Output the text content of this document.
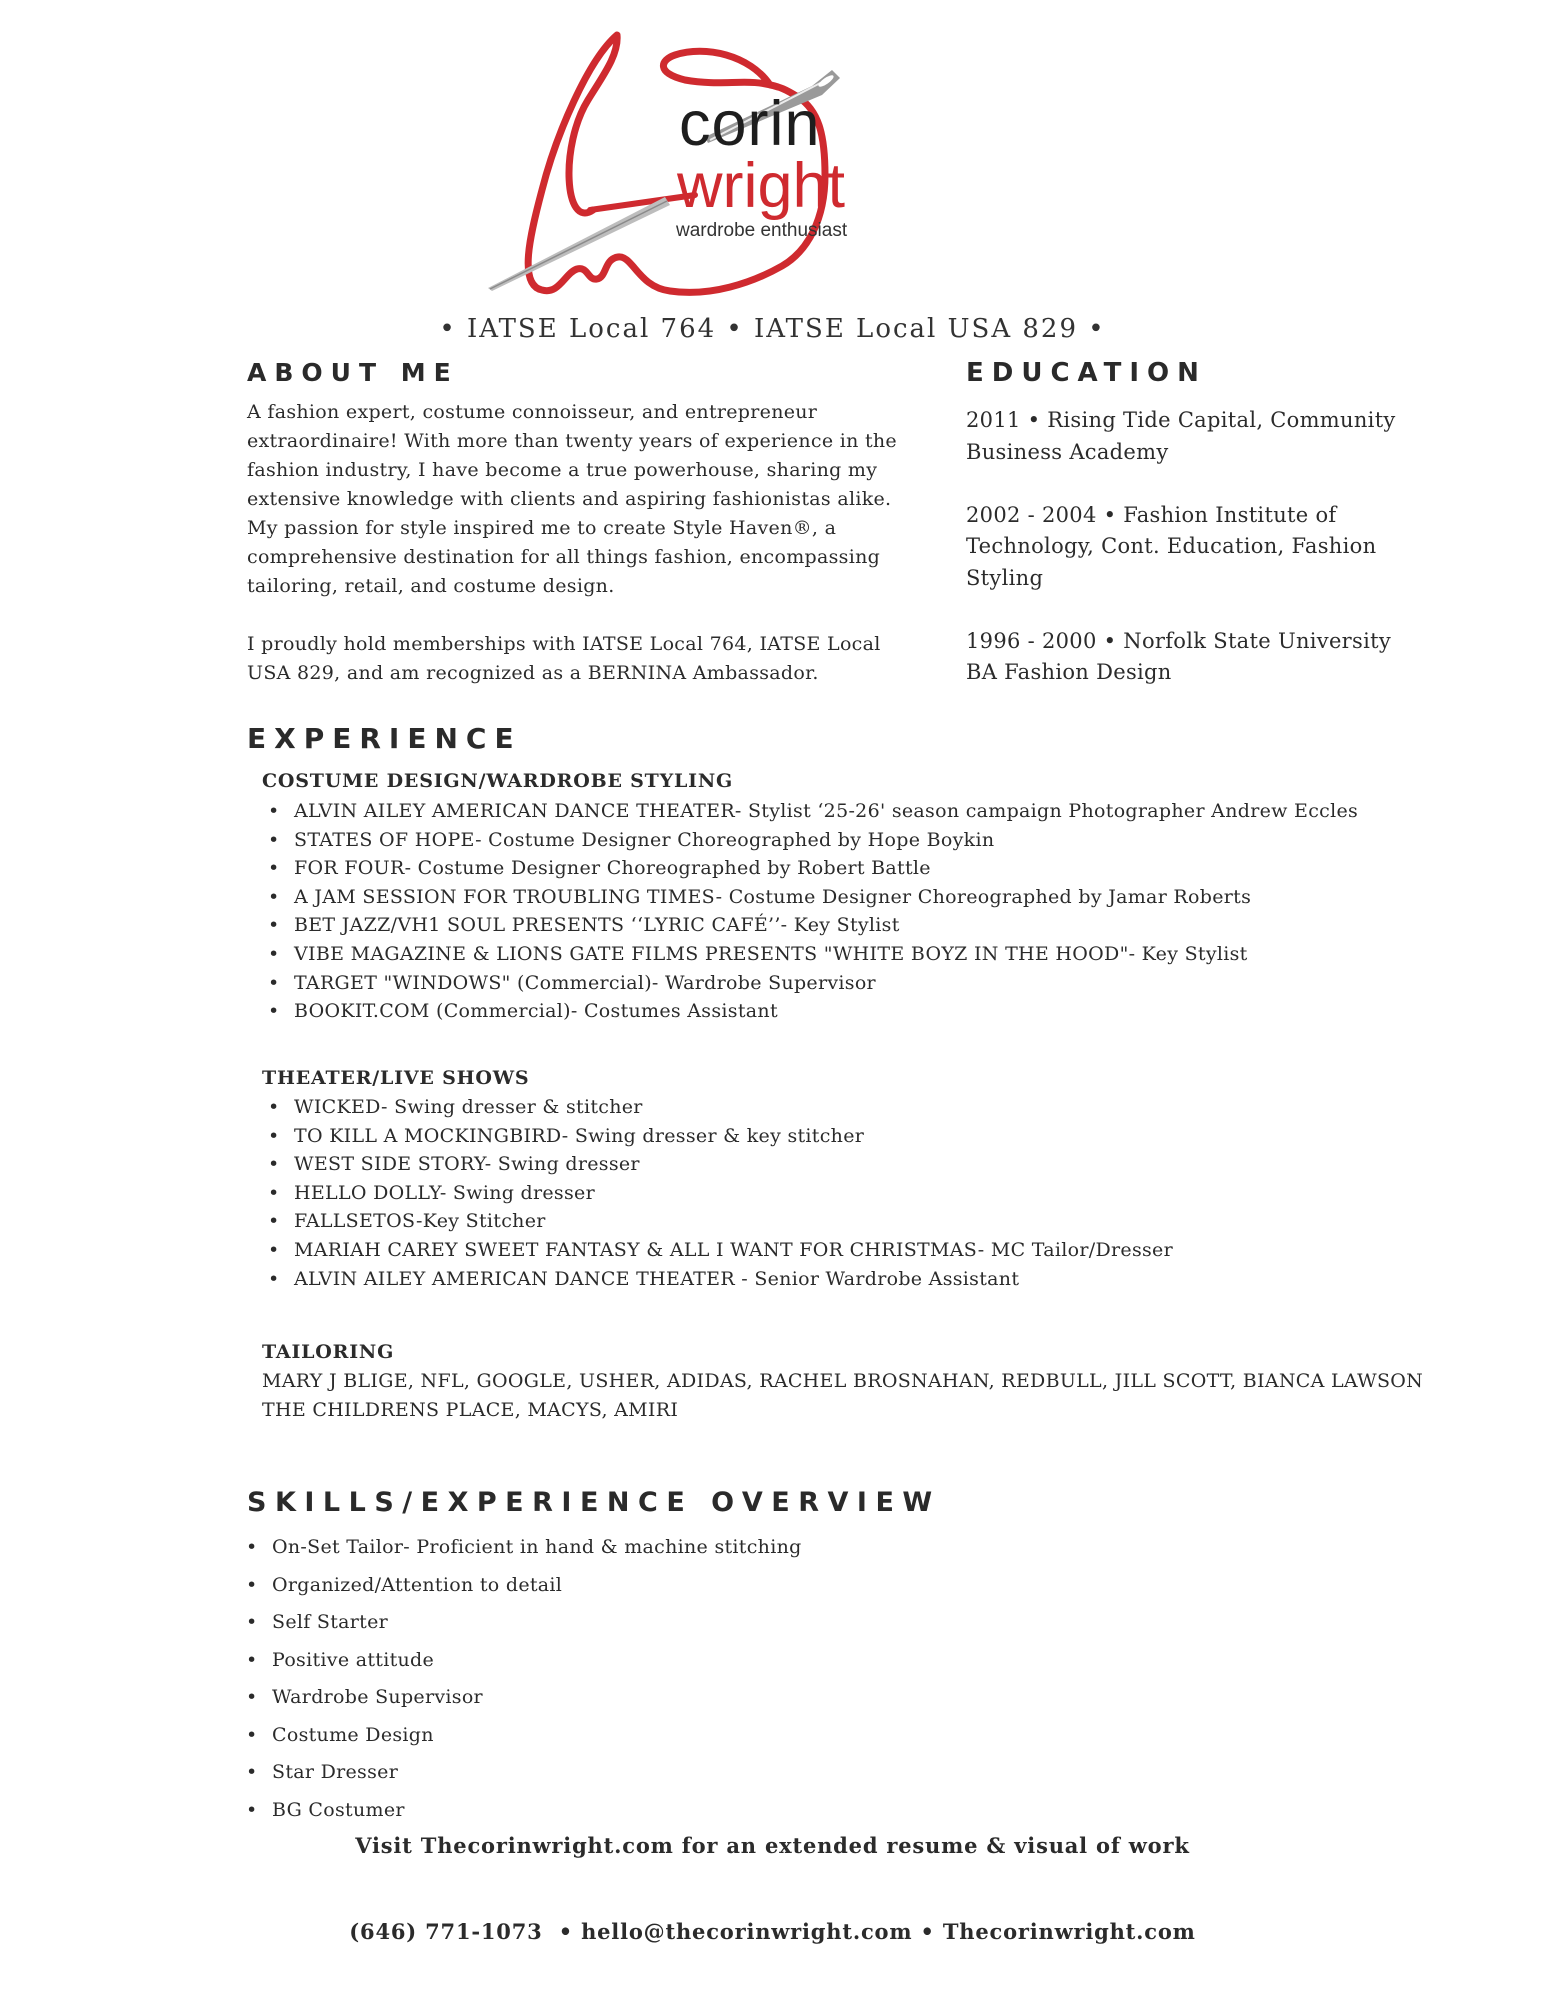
corin
wright
wardrobe enthusiast
• IATSE Local 764 • IATSE Local USA 829 •
ABOUT ME

A fashion expert, costume connoisseur, and entrepreneur extraordinaire! With more than twenty years of experience in the fashion industry, I have become a true powerhouse, sharing my extensive knowledge with clients and aspiring fashionistas alike. My passion for style inspired me to create Style Haven®, a comprehensive destination for all things fashion, encompassing tailoring, retail, and costume design.

I proudly hold memberships with IATSE Local 764, IATSE Local USA 829, and am recognized as a BERNINA Ambassador.

EDUCATION

2011 • Rising Tide Capital, Community Business Academy

2002 - 2004 • Fashion Institute of Technology, Cont. Education, Fashion Styling

1996 - 2000 • Norfolk State University BA Fashion Design

EXPERIENCE
COSTUME DESIGN/WARDROBE STYLING
• ALVIN AILEY AMERICAN DANCE THEATER- Stylist ‘25-26' season campaign Photographer Andrew Eccles
• STATES OF HOPE- Costume Designer Choreographed by Hope Boykin
• FOR FOUR- Costume Designer Choreographed by Robert Battle
• A JAM SESSION FOR TROUBLING TIMES- Costume Designer Choreographed by Jamar Roberts
• BET JAZZ/VH1 SOUL PRESENTS ‘‘LYRIC CAFÉ’’- Key Stylist
• VIBE MAGAZINE & LIONS GATE FILMS PRESENTS "WHITE BOYZ IN THE HOOD"- Key Stylist
• TARGET "WINDOWS" (Commercial)- Wardrobe Supervisor
• BOOKIT.COM (Commercial)- Costumes Assistant
THEATER/LIVE SHOWS
• WICKED- Swing dresser & stitcher
• TO KILL A MOCKINGBIRD- Swing dresser & key stitcher
• WEST SIDE STORY- Swing dresser
• HELLO DOLLY- Swing dresser
• FALLSETOS-Key Stitcher
• MARIAH CAREY SWEET FANTASY & ALL I WANT FOR CHRISTMAS- MC Tailor/Dresser
• ALVIN AILEY AMERICAN DANCE THEATER - Senior Wardrobe Assistant
TAILORING
MARY J BLIGE, NFL, GOOGLE, USHER, ADIDAS, RACHEL BROSNAHAN, REDBULL, JILL SCOTT, BIANCA LAWSON THE CHILDRENS PLACE, MACYS, AMIRI
SKILLS/EXPERIENCE OVERVIEW
• On-Set Tailor- Proficient in hand & machine stitching
• Organized/Attention to detail
• Self Starter
• Positive attitude
• Wardrobe Supervisor
• Costume Design
• Star Dresser
• BG Costumer
Visit Thecorinwright.com for an extended resume & visual of work
(646) 771-1073  • hello@thecorinwright.com • Thecorinwright.com
